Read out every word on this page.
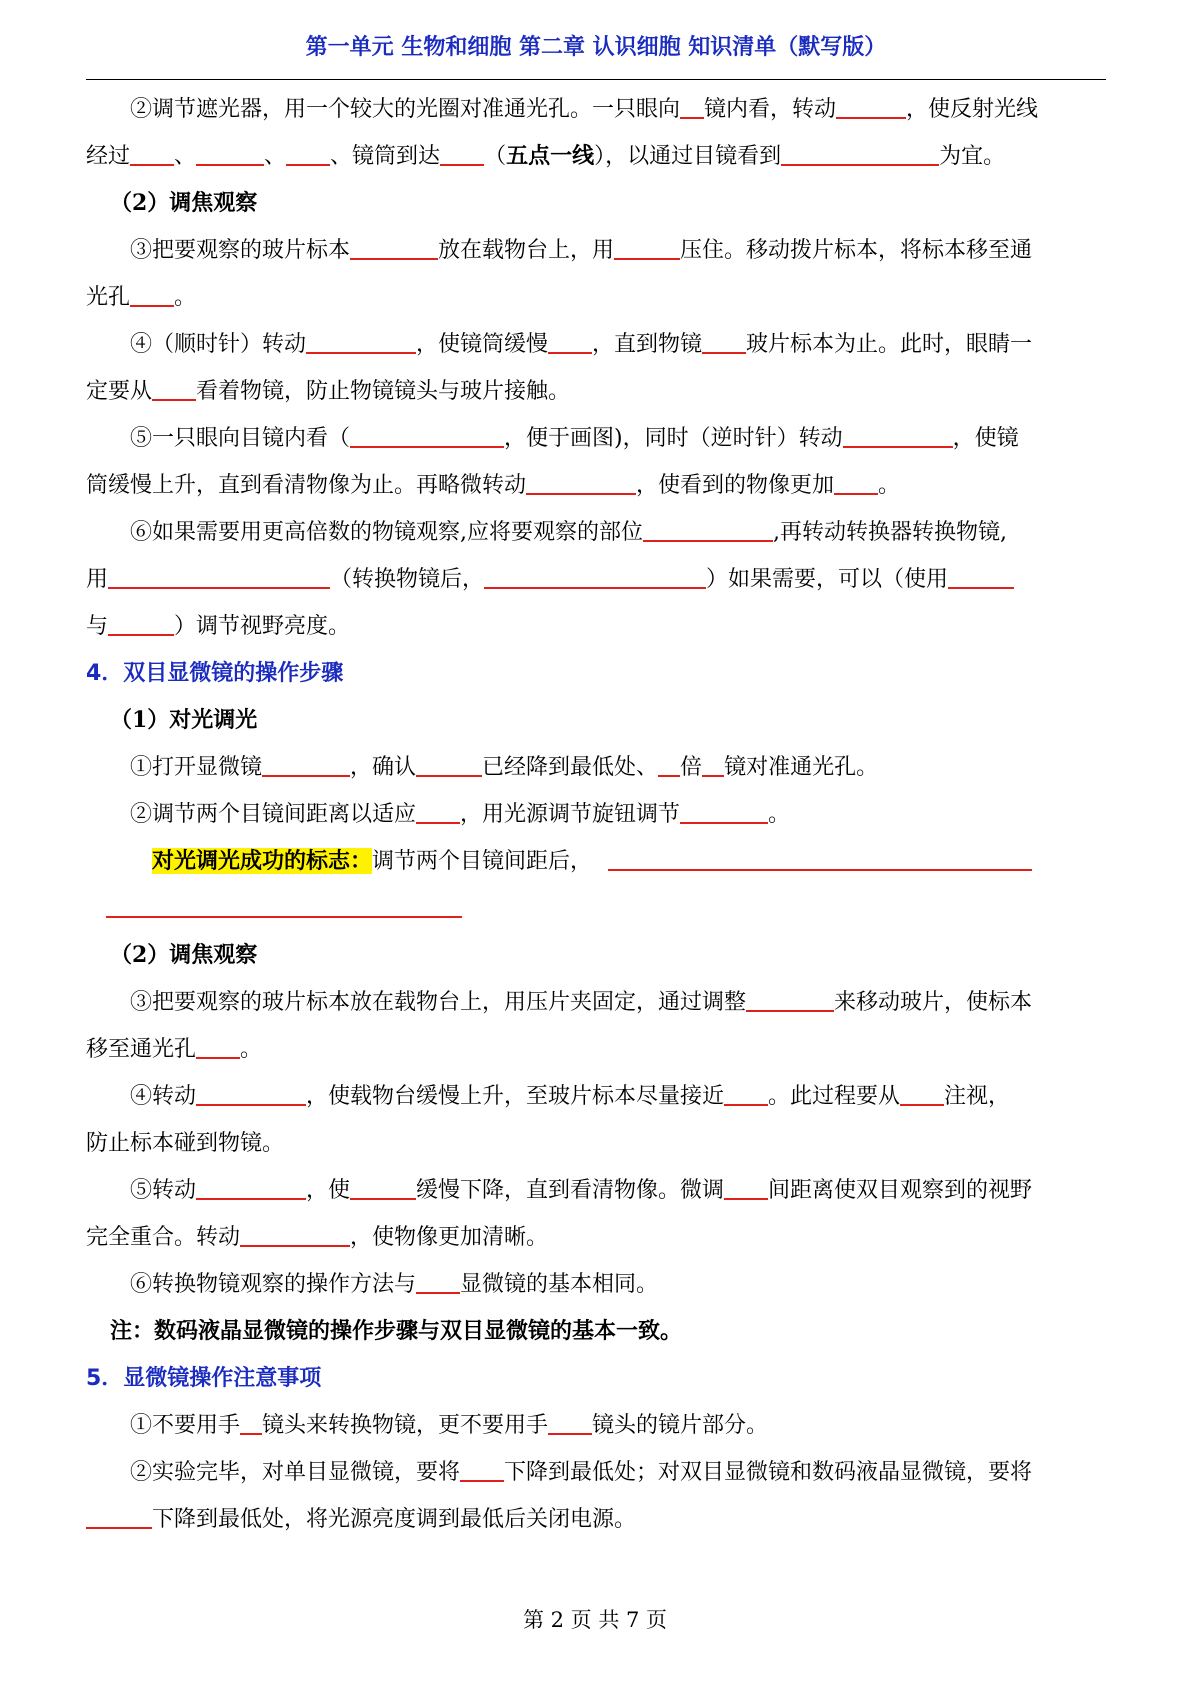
第一单元 生物和细胞 第二章 认识细胞 知识清单（默写版）

②调节遮光器，用一个较大的光圈对准通光孔。一只眼向 镜内看，转动	，使反射光线
经过 、	、 、镜筒到达 （五点一线），以通过目镜看到	为宜。

（2）调焦观察

③把要观察的玻片标本	放在载物台上，用	压住。移动拨片标本，将标本移至通
光孔 。

④（顺时针）转动	，使镜筒缓慢 ，直到物镜 玻片标本为止。此时，眼睛一
定要从 看着物镜，防止物镜镜头与玻片接触。

⑤一只眼向目镜内看（	，便于画图)，同时（逆时针）转动	，使镜
筒缓慢上升，直到看清物像为止。再略微转动	，使看到的物像更加 。

⑥如果需要用更高倍数的物镜观察,应将要观察的部位	,再转动转换器转换物镜,
用	（转换物镜后，	）如果需要，可以（使用
与	）调节视野亮度。

4．双目显微镜的操作步骤

（1）对光调光

①打开显微镜	，确认	已经降到最低处、 倍 镜对准通光孔。

②调节两个目镜间距离以适应 ，用光源调节旋钮调节	。

对光调光成功的标志：调节两个目镜间距后，

（2）调焦观察

③把要观察的玻片标本放在载物台上，用压片夹固定，通过调整	来移动玻片，使标本
移至通光孔 。

④转动	，使载物台缓慢上升，至玻片标本尽量接近 。此过程要从 注视，
防止标本碰到物镜。

⑤转动	，使	缓慢下降，直到看清物像。微调 间距离使双目观察到的视野
完全重合。转动	，使物像更加清晰。

⑥转换物镜观察的操作方法与 显微镜的基本相同。

注：数码液晶显微镜的操作步骤与双目显微镜的基本一致。

5．显微镜操作注意事项

①不要用手 镜头来转换物镜，更不要用手 镜头的镜片部分。

②实验完毕，对单目显微镜，要将 下降到最低处；对双目显微镜和数码液晶显微镜，要将
下降到最低处，将光源亮度调到最低后关闭电源。

第 2 页 共 7 页
